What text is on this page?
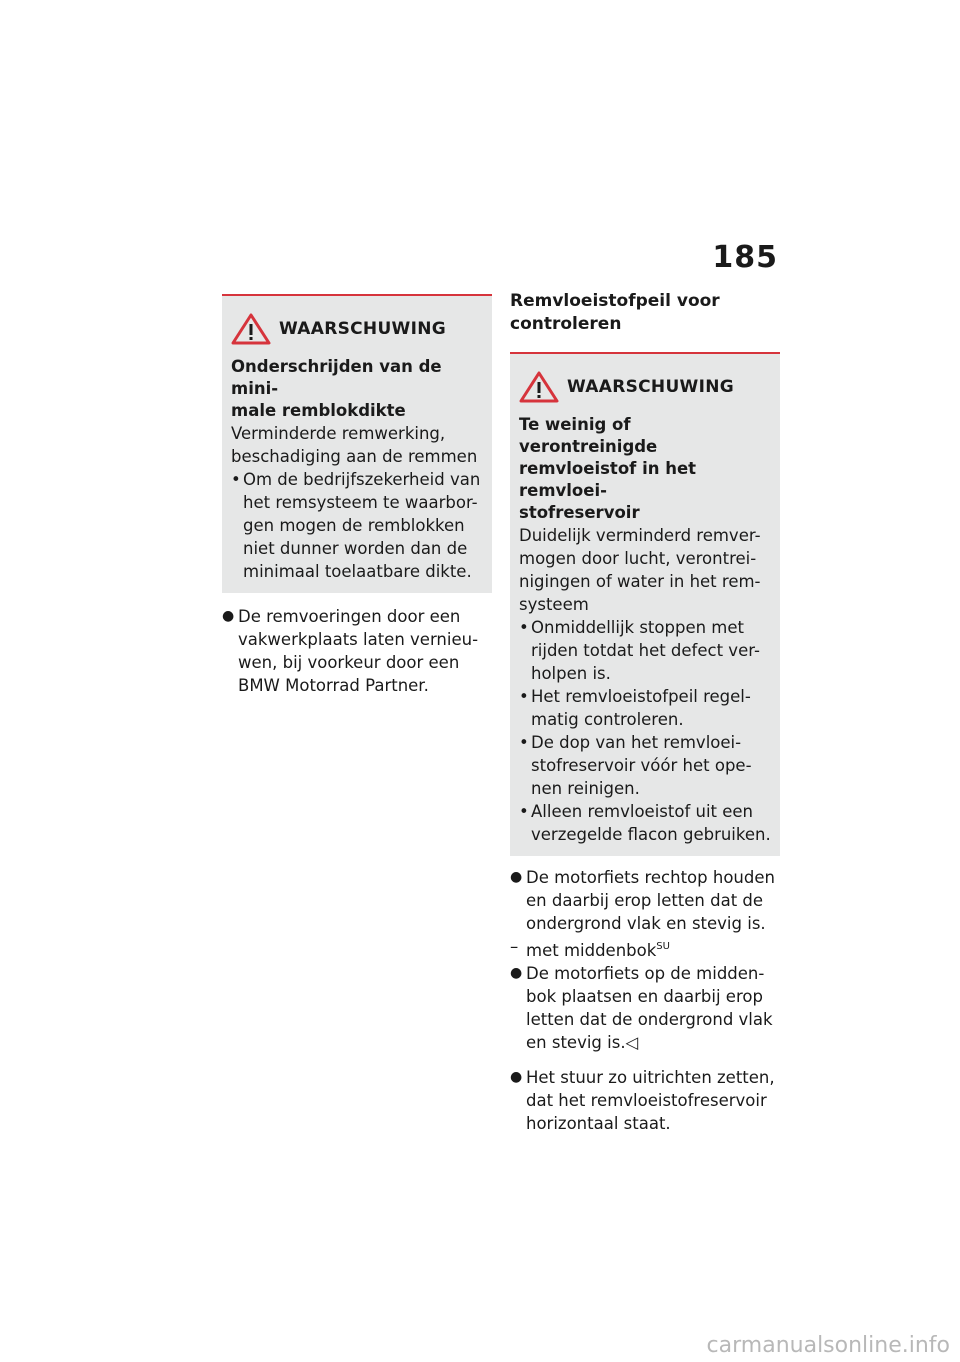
185
WAARSCHUWING
Onderschrijden van de mini-
male remblokdikte
Verminderde remwerking,
beschadiging aan de remmen
• Om de bedrijfszekerheid van
het remsysteem te waarbor-
gen mogen de remblokken
niet dunner worden dan de
minimaal toelaatbare dikte.
● De remvoeringen door een
vakwerkplaats laten vernieu-
wen, bij voorkeur door een
BMW Motorrad Partner.
Remvloeistofpeil voor
controleren
WAARSCHUWING
Te weinig of verontreinigde
remvloeistof in het remvloei-
stofreservoir
Duidelijk verminderd remver-
mogen door lucht, verontrei-
nigingen of water in het rem-
systeem
• Onmiddellijk stoppen met
rijden totdat het defect ver-
holpen is.
• Het remvloeistofpeil regel-
matig controleren.
• De dop van het remvloei-
stofreservoir vóór het ope-
nen reinigen.
• Alleen remvloeistof uit een
verzegelde flacon gebruiken.
● De motorfiets rechtop houden
en daarbij erop letten dat de
ondergrond vlak en stevig is.
– met middenbok$^{SU}$
● De motorfiets op de midden-
bok plaatsen en daarbij erop
letten dat de ondergrond vlak
en stevig is.◁
● Het stuur zo uitrichten zetten,
dat het remvloeistofreservoir
horizontaal staat.
carmanualsonline.info
